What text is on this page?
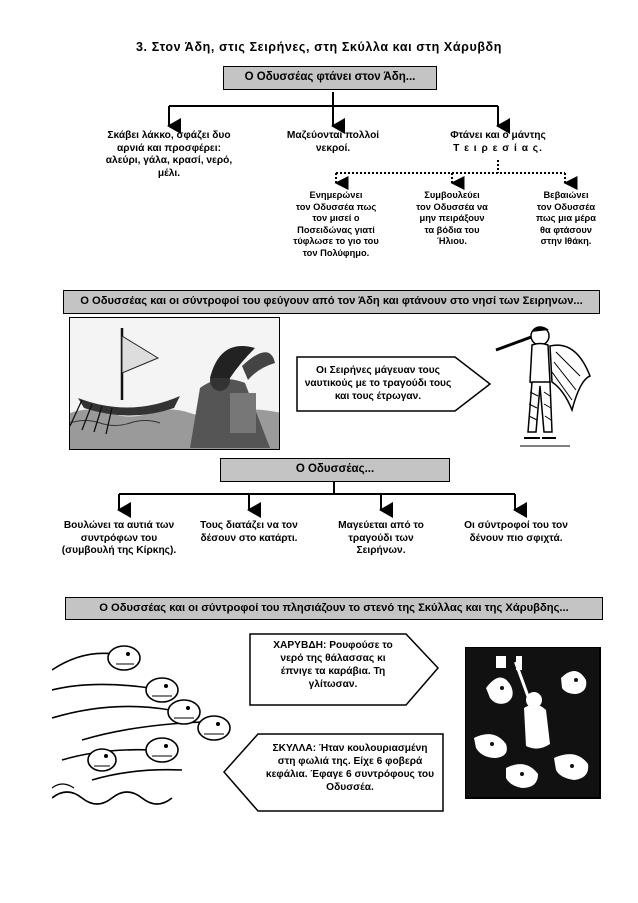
3. Στον Άδη, στις Σειρήνες, στη Σκύλλα και στη Χάρυβδη
Ο Οδυσσέας φτάνει στον Άδη...
Σκάβει λάκκο, σφάζει δυο
αρνιά και προσφέρει:
αλεύρι, γάλα, κρασί, νερό,
μέλι.
Μαζεύονται πολλοί
νεκροί.
Φτάνει και ο μάντης
Τ ε ι ρ ε σ ί α ς.
Ενημερώνει
τον Οδυσσέα πως
τον μισεί ο
Ποσειδώνας γιατί
τύφλωσε το γιο του
τον Πολύφημο.
Συμβουλεύει
τον Οδυσσέα να
μην πειράξουν
τα βόδια του
Ήλιου.
Βεβαιώνει
τον Οδυσσέα
πως μια μέρα
θα φτάσουν
στην Ιθάκη.
Ο Οδυσσέας και οι σύντροφοί του φεύγουν από τον Άδη και φτάνουν στο νησί των Σειρηνων...
Οι Σειρήνες μάγευαν τους
ναυτικούς με το τραγούδι τους
και τους έτρωγαν.
Ο Οδυσσέας...
Βουλώνει τα αυτιά των
συντρόφων του
(συμβουλή της Κίρκης).
Τους διατάζει να τον
δέσουν στο κατάρτι.
Μαγεύεται από το
τραγούδι των
Σειρήνων.
Οι σύντροφοί του τον
δένουν πιο σφιχτά.
Ο Οδυσσέας και οι σύντροφοί του πλησιάζουν το στενό της Σκύλλας και της Χάρυβδης...
ΧΑΡΥΒΔΗ: Ρουφούσε το
νερό της θάλασσας κι
έπνιγε τα καράβια. Τη
γλίτωσαν.
ΣΚΥΛΛΑ: Ήταν κουλουριασμένη
στη φωλιά της. Είχε 6 φοβερά
κεφάλια. Έφαγε 6 συντρόφους του
Οδυσσέα.
